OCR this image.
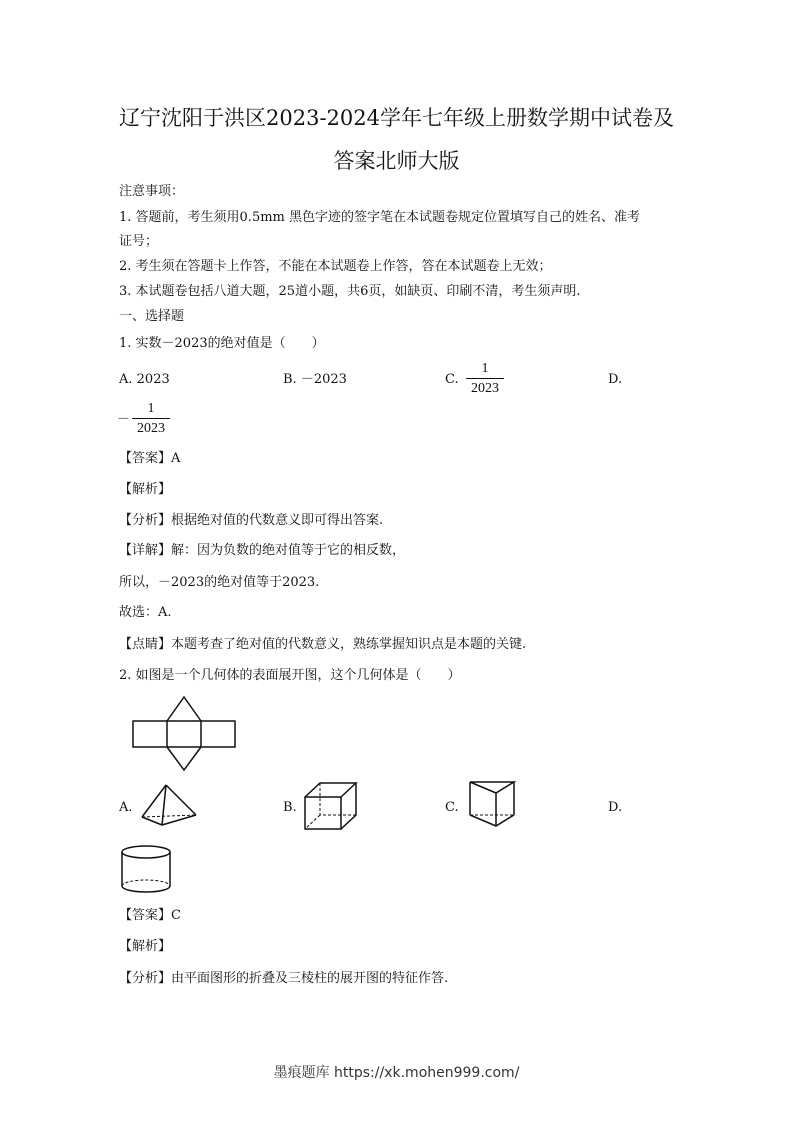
辽宁沈阳于洪区2023-2024学年七年级上册数学期中试卷及
答案北师大版
注意事项：
1. 答题前，考生须用0.5mm 黑色字迹的签字笔在本试题卷规定位置填写自己的姓名、准考
证号；
2. 考生须在答题卡上作答，不能在本试题卷上作答，答在本试题卷上无效；
3. 本试题卷包括八道大题，25道小题，共6页，如缺页、印刷不清，考生须声明.
一、选择题
1. 实数－2023的绝对值是（　　）
A. 2023	B. －2023	C.
1
2023
D.
－
1
2023
【答案】A
【解析】
【分析】根据绝对值的代数意义即可得出答案.
【详解】解：因为负数的绝对值等于它的相反数，
所以，－2023的绝对值等于2023.
故选：A.
【点睛】本题考查了绝对值的代数意义，熟练掌握知识点是本题的关键.
2. 如图是一个几何体的表面展开图，这个几何体是（　　）
A.	B.	C.	D.
【答案】C
【解析】
【分析】由平面图形的折叠及三棱柱的展开图的特征作答.
墨痕题库 https://xk.mohen999.com/
